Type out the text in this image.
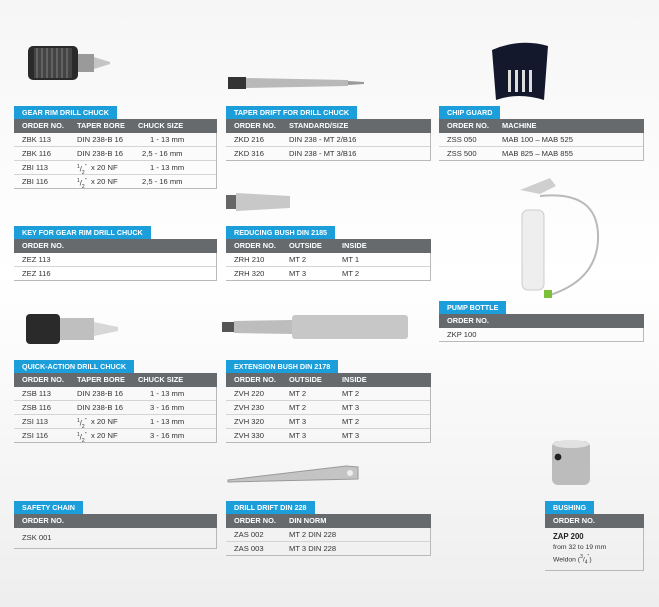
GEAR RIM DRILL CHUCK
ORDER NO. TAPER BORE CHUCK SIZE
ZBK 113	DIN 238-B 16	1 - 13 mm
ZBK 116	DIN 238-B 16 2,5 - 16 mm
ZBI 113	$^1/_2^"$ x 20 NF	1 - 13 mm
ZBI 116	$^1/_2^"$ x 20 NF	2,5 - 16 mm
TAPER DRIFT FOR DRILL CHUCK
ORDER NO. STANDARD/SIZE
ZKD 216	DIN 238 - MT 2/B16
ZKD 316	DIN 238 - MT 3/B16
CHIP GUARD
ORDER NO. MACHINE
ZSS 050	MAB 100 – MAB 525
ZSS 500	MAB 825 – MAB 855
KEY FOR GEAR RIM DRILL CHUCK
ORDER NO.
ZEZ 113
ZEZ 116
REDUCING BUSH DIN 2185
ORDER NO. OUTSIDE	INSIDE
ZRH 210	MT 2	MT 1
ZRH 320	MT 3	MT 2
PUMP BOTTLE
ORDER NO.
ZKP 100
QUICK-ACTION DRILL CHUCK
ORDER NO. TAPER BORE CHUCK SIZE
ZSB 113	DIN 238-B 16	1 - 13 mm
ZSB 116	DIN 238-B 16	3 - 16 mm
ZSI 113	$^1/_2^"$ x 20 NF	1 - 13 mm
ZSI 116	$^1/_2^"$ x 20 NF	3 - 16 mm
EXTENSION BUSH DIN 2178
ORDER NO. OUTSIDE	INSIDE
ZVH 220	MT 2	MT 2
ZVH 230	MT 2	MT 3
ZVH 320	MT 3	MT 2
ZVH 330	MT 3	MT 3
SAFETY CHAIN
ORDER NO.
ZSK 001
DRILL DRIFT DIN 228
ORDER NO. DIN NORM
ZAS 002	MT 2 DIN 228
ZAS 003	MT 3 DIN 228
BUSHING
ORDER NO.
ZAP 200
from 32 to 19 mm
Weldon $(^3/_4^")$
